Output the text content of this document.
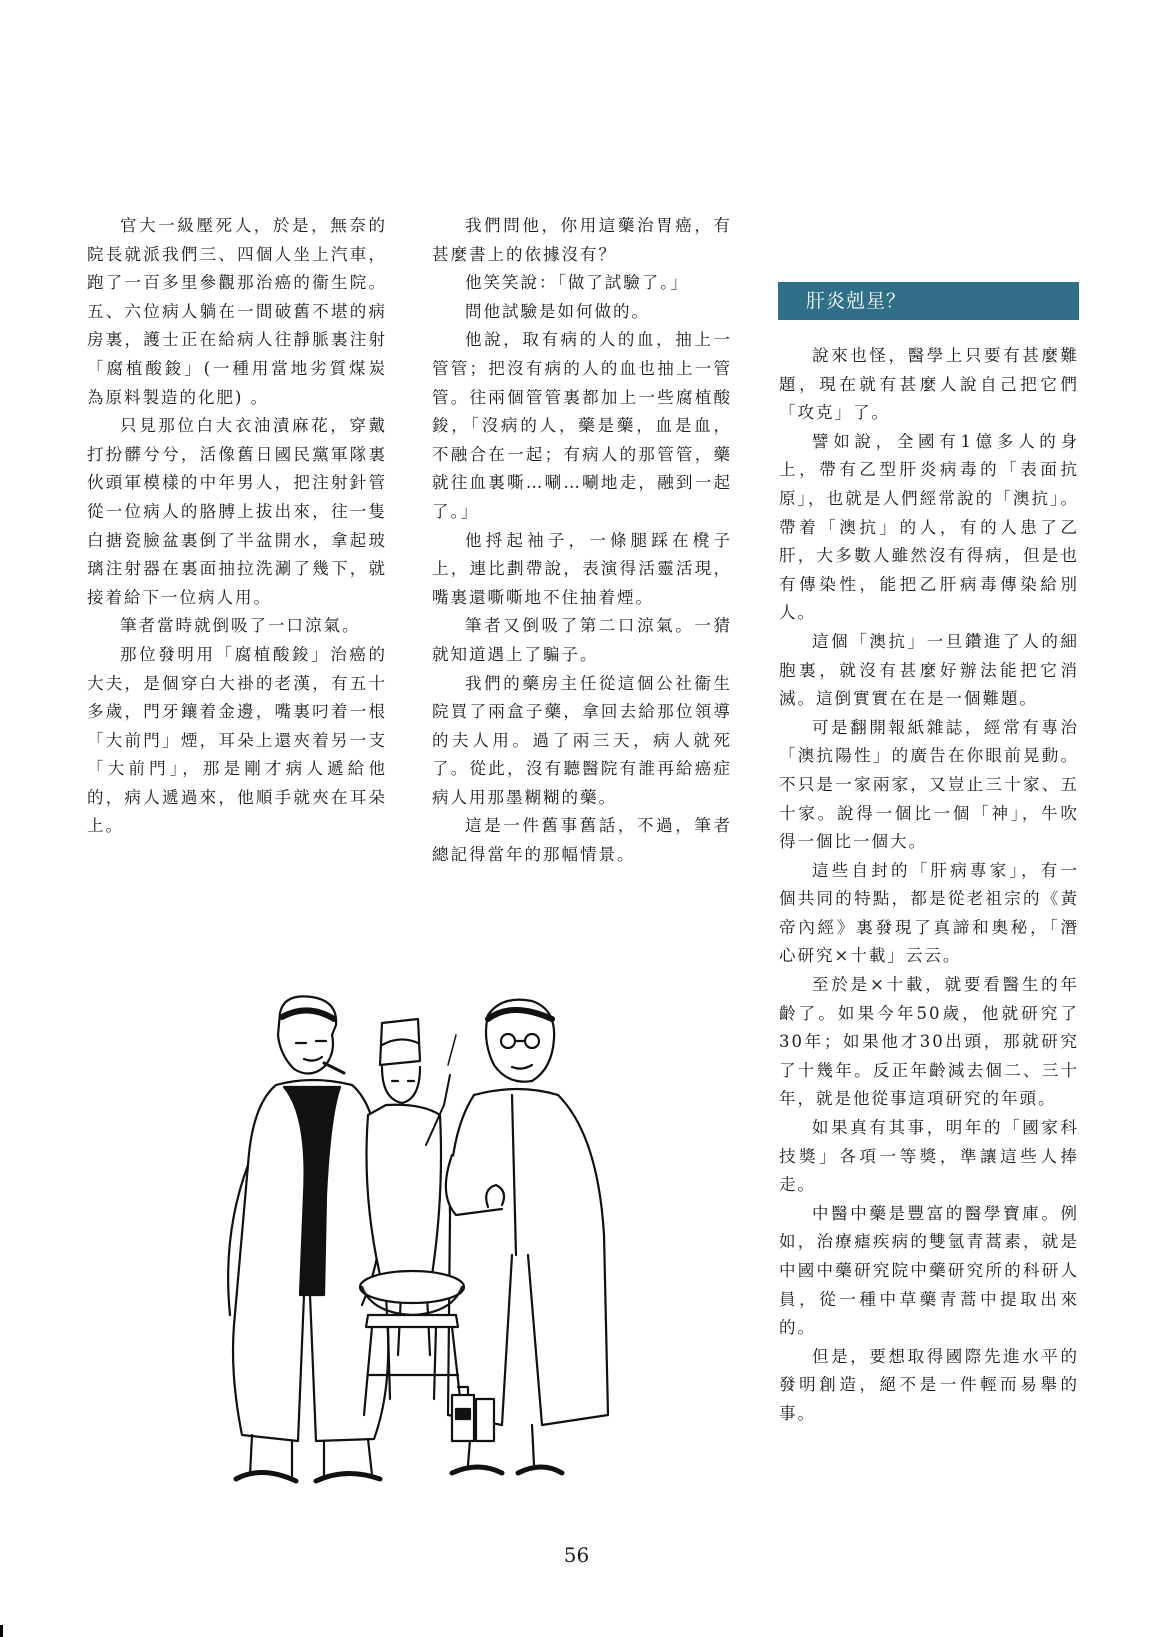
官大一級壓死人，於是，無奈的院長就派我們三、四個人坐上汽車，跑了一百多里參觀那治癌的衞生院。五、六位病人躺在一間破舊不堪的病房裏，護士正在給病人往靜脈裏注射「腐植酸鋑」(一種用當地劣質煤炭為原料製造的化肥) 。

只見那位白大衣油漬麻花，穿戴打扮髒兮兮，活像舊日國民黨軍隊裏伙頭軍模樣的中年男人，把注射針管從一位病人的胳膊上拔出來，往一隻白搪瓷臉盆裏倒了半盆開水，拿起玻璃注射器在裏面抽拉洗涮了幾下，就接着給下一位病人用。

筆者當時就倒吸了一口涼氣。

那位發明用「腐植酸鋑」治癌的大夫，是個穿白大褂的老漢，有五十多歲，門牙鑲着金邊，嘴裏叼着一根「大前門」煙，耳朵上還夾着另一支「大前門」，那是剛才病人遞給他的，病人遞過來，他順手就夾在耳朵上。

我們問他，你用這藥治胃癌，有甚麼書上的依據沒有？

他笑笑說：「做了試驗了。」

問他試驗是如何做的。

他說，取有病的人的血，抽上一管管；把沒有病的人的血也抽上一管管。往兩個管管裏都加上一些腐植酸鋑，「沒病的人，藥是藥，血是血，不融合在一起；有病人的那管管，藥就往血裏嘶…唰…唰地走，融到一起了。」

他捋起袖子，一條腿踩在櫈子上，連比劃帶說，表演得活靈活現，嘴裏還嘶嘶地不住抽着煙。

筆者又倒吸了第二口涼氣。一猜就知道遇上了騙子。

我們的藥房主任從這個公社衞生院買了兩盒子藥，拿回去給那位領導的夫人用。過了兩三天，病人就死了。從此，沒有聽醫院有誰再給癌症病人用那墨糊糊的藥。

這是一件舊事舊話，不過，筆者總記得當年的那幅情景。

肝炎剋星？

說來也怪，醫學上只要有甚麼難題，現在就有甚麼人說自己把它們「攻克」了。

譬如說，全國有1億多人的身上，帶有乙型肝炎病毒的「表面抗原」，也就是人們經常說的「澳抗」。帶着「澳抗」的人，有的人患了乙肝，大多數人雖然沒有得病，但是也有傳染性，能把乙肝病毒傳染給別人。

這個「澳抗」一旦鑽進了人的細胞裏，就沒有甚麼好辦法能把它消滅。這倒實實在在是一個難題。

可是翻開報紙雜誌，經常有專治「澳抗陽性」的廣告在你眼前晃動。不只是一家兩家，又豈止三十家、五十家。說得一個比一個「神」，牛吹得一個比一個大。

這些自封的「肝病專家」，有一個共同的特點，都是從老祖宗的《黃帝內經》裏發現了真諦和奧秘，「潛心研究×十載」云云。

至於是×十載，就要看醫生的年齡了。如果今年50歲，他就研究了30年；如果他才30出頭，那就研究了十幾年。反正年齡減去個二、三十年，就是他從事這項研究的年頭。

如果真有其事，明年的「國家科技獎」各項一等獎，準讓這些人捧走。

中醫中藥是豐富的醫學寶庫。例如，治療瘧疾病的雙氫青蒿素，就是中國中藥研究院中藥研究所的科研人員，從一種中草藥青蒿中提取出來的。

但是，要想取得國際先進水平的發明創造，絕不是一件輕而易舉的事。

56
